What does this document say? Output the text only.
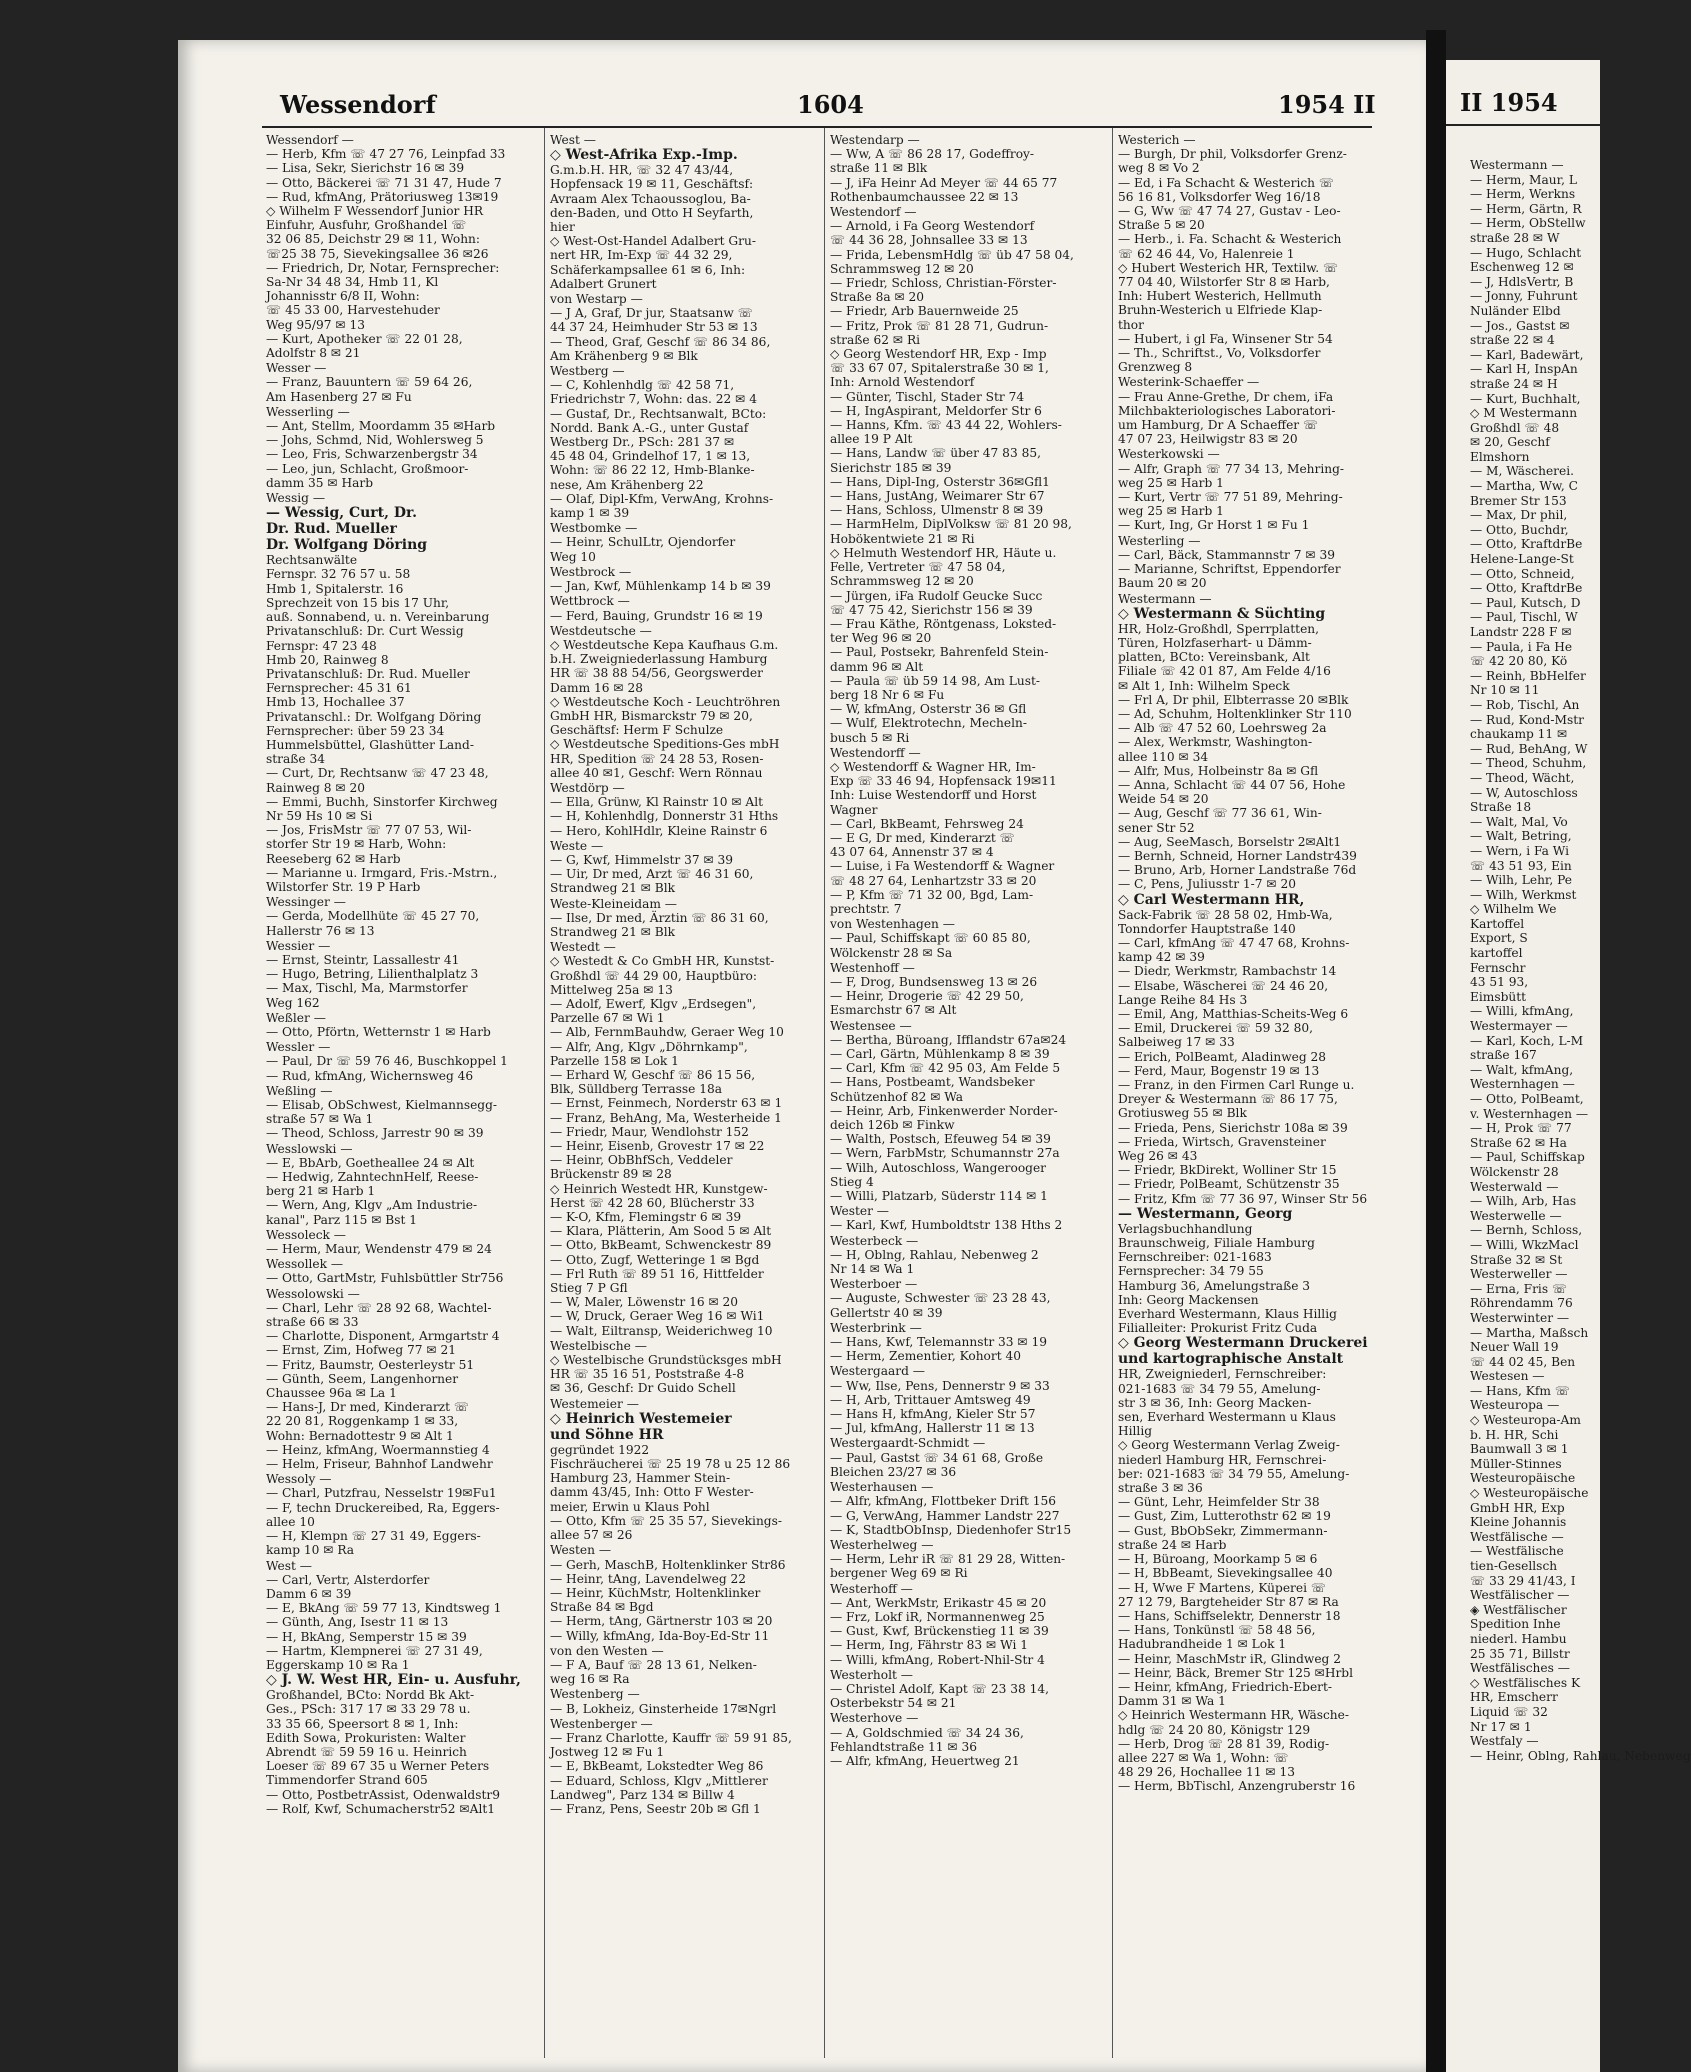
Wessendorf	1604	1954 II
Wessendorf —
— Herb, Kfm ☏ 47 27 76, Leinpfad 33
— Lisa, Sekr, Sierichstr 16 ✉ 39
— Otto, Bäckerei ☏ 71 31 47, Hude 7
— Rud, kfmAng, Prätoriusweg 13✉19
◇ Wilhelm F Wessendorf Junior HR
Einfuhr, Ausfuhr, Großhandel ☏
32 06 85, Deichstr 29 ✉ 11, Wohn:
☏25 38 75, Sievekingsallee 36 ✉26
— Friedrich, Dr, Notar, Fernsprecher:
Sa-Nr 34 48 34, Hmb 11, Kl
Johannisstr 6/8 II, Wohn:
☏ 45 33 00, Harvestehuder
Weg 95/97 ✉ 13
— Kurt, Apotheker ☏ 22 01 28,
Adolfstr 8 ✉ 21
Wesser —
— Franz, Bauuntern ☏ 59 64 26,
Am Hasenberg 27 ✉ Fu
Wesserling —
— Ant, Stellm, Moordamm 35 ✉Harb
— Johs, Schmd, Nid, Wohlersweg 5
— Leo, Fris, Schwarzenbergstr 34
— Leo, jun, Schlacht, Großmoor-
damm 35 ✉ Harb
Wessig —
— Wessig, Curt, Dr.
Dr. Rud. Mueller
Dr. Wolfgang Döring
Rechtsanwälte
Fernspr. 32 76 57 u. 58
Hmb 1, Spitalerstr. 16
Sprechzeit von 15 bis 17 Uhr,
auß. Sonnabend, u. n. Vereinbarung
Privatanschluß: Dr. Curt Wessig
Fernspr: 47 23 48
Hmb 20, Rainweg 8
Privatanschluß: Dr. Rud. Mueller
Fernsprecher: 45 31 61
Hmb 13, Hochallee 37
Privatanschl.: Dr. Wolfgang Döring
Fernsprecher: über 59 23 34
Hummelsbüttel, Glashütter Land-
straße 34
— Curt, Dr, Rechtsanw ☏ 47 23 48,
Rainweg 8 ✉ 20
— Emmi, Buchh, Sinstorfer Kirchweg
Nr 59 Hs 10 ✉ Si
— Jos, FrisMstr ☏ 77 07 53, Wil-
storfer Str 19 ✉ Harb, Wohn:
Reeseberg 62 ✉ Harb
— Marianne u. Irmgard, Fris.-Mstrn.,
Wilstorfer Str. 19 P Harb
Wessinger —
— Gerda, Modellhüte ☏ 45 27 70,
Hallerstr 76 ✉ 13
Wessier —
— Ernst, Steintr, Lassallestr 41
— Hugo, Betring, Lilienthalplatz 3
— Max, Tischl, Ma, Marmstorfer
Weg 162
Weßler —
— Otto, Pförtn, Wetternstr 1 ✉ Harb
Wessler —
— Paul, Dr ☏ 59 76 46, Buschkoppel 1
— Rud, kfmAng, Wichernsweg 46
Weßling —
— Elisab, ObSchwest, Kielmannsegg-
straße 57 ✉ Wa 1
— Theod, Schloss, Jarrestr 90 ✉ 39
Wesslowski —
— E, BbArb, Goetheallee 24 ✉ Alt
— Hedwig, ZahntechnHelf, Reese-
berg 21 ✉ Harb 1
— Wern, Ang, Klgv „Am Industrie-
kanal", Parz 115 ✉ Bst 1
Wessoleck —
— Herm, Maur, Wendenstr 479 ✉ 24
Wessollek —
— Otto, GartMstr, Fuhlsbüttler Str756
Wessolowski —
— Charl, Lehr ☏ 28 92 68, Wachtel-
straße 66 ✉ 33
— Charlotte, Disponent, Armgartstr 4
— Ernst, Zim, Hofweg 77 ✉ 21
— Fritz, Baumstr, Oesterleystr 51
— Günth, Seem, Langenhorner
Chaussee 96a ✉ La 1
— Hans-J, Dr med, Kinderarzt ☏
22 20 81, Roggenkamp 1 ✉ 33,
Wohn: Bernadottestr 9 ✉ Alt 1
— Heinz, kfmAng, Woermannstieg 4
— Helm, Friseur, Bahnhof Landwehr
Wessoly —
— Charl, Putzfrau, Nesselstr 19✉Fu1
— F, techn Druckereibed, Ra, Eggers-
allee 10
— H, Klempn ☏ 27 31 49, Eggers-
kamp 10 ✉ Ra
West —
— Carl, Vertr, Alsterdorfer
Damm 6 ✉ 39
— E, BkAng ☏ 59 77 13, Kindtsweg 1
— Günth, Ang, Isestr 11 ✉ 13
— H, BkAng, Semperstr 15 ✉ 39
— Hartm, Klempnerei ☏ 27 31 49,
Eggerskamp 10 ✉ Ra 1
◇ J. W. West HR, Ein- u. Ausfuhr,
Großhandel, BCto: Nordd Bk Akt-
Ges., PSch: 317 17 ✉ 33 29 78 u.
33 35 66, Speersort 8 ✉ 1, Inh:
Edith Sowa, Prokuristen: Walter
Abrendt ☏ 59 59 16 u. Heinrich
Loeser ☏ 89 67 35 u Werner Peters
Timmendorfer Strand 605
— Otto, PostbetrAssist, Odenwaldstr9
— Rolf, Kwf, Schumacherstr52 ✉Alt1
West —
◇ West-Afrika Exp.-Imp.
G.m.b.H. HR, ☏ 32 47 43/44,
Hopfensack 19 ✉ 11, Geschäftsf:
Avraam Alex Tchaoussoglou, Ba-
den-Baden, und Otto H Seyfarth,
hier
◇ West-Ost-Handel Adalbert Gru-
nert HR, Im-Exp ☏ 44 32 29,
Schäferkampsallee 61 ✉ 6, Inh:
Adalbert Grunert
von Westarp —
— J A, Graf, Dr jur, Staatsanw ☏
44 37 24, Heimhuder Str 53 ✉ 13
— Theod, Graf, Geschf ☏ 86 34 86,
Am Krähenberg 9 ✉ Blk
Westberg —
— C, Kohlenhdlg ☏ 42 58 71,
Friedrichstr 7, Wohn: das. 22 ✉ 4
— Gustaf, Dr., Rechtsanwalt, BCto:
Nordd. Bank A.-G., unter Gustaf
Westberg Dr., PSch: 281 37 ✉
45 48 04, Grindelhof 17, 1 ✉ 13,
Wohn: ☏ 86 22 12, Hmb-Blanke-
nese, Am Krähenberg 22
— Olaf, Dipl-Kfm, VerwAng, Krohns-
kamp 1 ✉ 39
Westbomke —
— Heinr, SchulLtr, Ojendorfer
Weg 10
Westbrock —
— Jan, Kwf, Mühlenkamp 14 b ✉ 39
Wettbrock —
— Ferd, Bauing, Grundstr 16 ✉ 19
Westdeutsche —
◇ Westdeutsche Kepa Kaufhaus G.m.
b.H. Zweigniederlassung Hamburg
HR ☏ 38 88 54/56, Georgswerder
Damm 16 ✉ 28
◇ Westdeutsche Koch - Leuchtröhren
GmbH HR, Bismarckstr 79 ✉ 20,
Geschäftsf: Herm F Schulze
◇ Westdeutsche Speditions-Ges mbH
HR, Spedition ☏ 24 28 53, Rosen-
allee 40 ✉1, Geschf: Wern Rönnau
Westdörp —
— Ella, Grünw, Kl Rainstr 10 ✉ Alt
— H, Kohlenhdlg, Donnerstr 31 Hths
— Hero, KohlHdlr, Kleine Rainstr 6
Weste —
— G, Kwf, Himmelstr 37 ✉ 39
— Uir, Dr med, Arzt ☏ 46 31 60,
Strandweg 21 ✉ Blk
Weste-Kleineidam —
— Ilse, Dr med, Ärztin ☏ 86 31 60,
Strandweg 21 ✉ Blk
Westedt —
◇ Westedt & Co GmbH HR, Kunstst-
Großhdl ☏ 44 29 00, Hauptbüro:
Mittelweg 25a ✉ 13
— Adolf, Ewerf, Klgv „Erdsegen",
Parzelle 67 ✉ Wi 1
— Alb, FernmBauhdw, Geraer Weg 10
— Alfr, Ang, Klgv „Döhrnkamp",
Parzelle 158 ✉ Lok 1
— Erhard W, Geschf ☏ 86 15 56,
Blk, Sülldberg Terrasse 18a
— Ernst, Feinmech, Norderstr 63 ✉ 1
— Franz, BehAng, Ma, Westerheide 1
— Friedr, Maur, Wendlohstr 152
— Heinr, Eisenb, Grovestr 17 ✉ 22
— Heinr, ObBhfSch, Veddeler
Brückenstr 89 ✉ 28
◇ Heinrich Westedt HR, Kunstgew-
Herst ☏ 42 28 60, Blücherstr 33
— K-O, Kfm, Flemingstr 6 ✉ 39
— Klara, Plätterin, Am Sood 5 ✉ Alt
— Otto, BkBeamt, Schwenckestr 89
— Otto, Zugf, Wetteringe 1 ✉ Bgd
— Frl Ruth ☏ 89 51 16, Hittfelder
Stieg 7 P Gfl
— W, Maler, Löwenstr 16 ✉ 20
— W, Druck, Geraer Weg 16 ✉ Wi1
— Walt, Eiltransp, Weiderichweg 10
Westelbische —
◇ Westelbische Grundstücksges mbH
HR ☏ 35 16 51, Poststraße 4-8
✉ 36, Geschf: Dr Guido Schell
Westemeier —
◇ Heinrich Westemeier
und Söhne HR
gegründet 1922
Fischräucherei ☏ 25 19 78 u 25 12 86
Hamburg 23, Hammer Stein-
damm 43/45, Inh: Otto F Wester-
meier, Erwin u Klaus Pohl
— Otto, Kfm ☏ 25 35 57, Sievekings-
allee 57 ✉ 26
Westen —
— Gerh, MaschB, Holtenklinker Str86
— Heinr, tAng, Lavendelweg 22
— Heinr, KüchMstr, Holtenklinker
Straße 84 ✉ Bgd
— Herm, tAng, Gärtnerstr 103 ✉ 20
— Willy, kfmAng, Ida-Boy-Ed-Str 11
von den Westen —
— F A, Bauf ☏ 28 13 61, Nelken-
weg 16 ✉ Ra
Westenberg —
— B, Lokheiz, Ginsterheide 17✉Ngrl
Westenberger —
— Franz Charlotte, Kauffr ☏ 59 91 85,
Jostweg 12 ✉ Fu 1
— E, BkBeamt, Lokstedter Weg 86
— Eduard, Schloss, Klgv „Mittlerer
Landweg", Parz 134 ✉ Billw 4
— Franz, Pens, Seestr 20b ✉ Gfl 1
Westendarp —
— Ww, A ☏ 86 28 17, Godeffroy-
straße 11 ✉ Blk
— J, iFa Heinr Ad Meyer ☏ 44 65 77
Rothenbaumchaussee 22 ✉ 13
Westendorf —
— Arnold, i Fa Georg Westendorf
☏ 44 36 28, Johnsallee 33 ✉ 13
— Frida, LebensmHdlg ☏ üb 47 58 04,
Schrammsweg 12 ✉ 20
— Friedr, Schloss, Christian-Förster-
Straße 8a ✉ 20
— Friedr, Arb Bauernweide 25
— Fritz, Prok ☏ 81 28 71, Gudrun-
straße 62 ✉ Ri
◇ Georg Westendorf HR, Exp - Imp
☏ 33 67 07, Spitalerstraße 30 ✉ 1,
Inh: Arnold Westendorf
— Günter, Tischl, Stader Str 74
— H, IngAspirant, Meldorfer Str 6
— Hanns, Kfm. ☏ 43 44 22, Wohlers-
allee 19 P Alt
— Hans, Landw ☏ über 47 83 85,
Sierichstr 185 ✉ 39
— Hans, Dipl-Ing, Osterstr 36✉Gfl1
— Hans, JustAng, Weimarer Str 67
— Hans, Schloss, Ulmenstr 8 ✉ 39
— HarmHelm, DiplVolksw ☏ 81 20 98,
Hobökentwiete 21 ✉ Ri
◇ Helmuth Westendorf HR, Häute u.
Felle, Vertreter ☏ 47 58 04,
Schrammsweg 12 ✉ 20
— Jürgen, iFa Rudolf Geucke Succ
☏ 47 75 42, Sierichstr 156 ✉ 39
— Frau Käthe, Röntgenass, Loksted-
ter Weg 96 ✉ 20
— Paul, Postsekr, Bahrenfeld Stein-
damm 96 ✉ Alt
— Paula ☏ üb 59 14 98, Am Lust-
berg 18 Nr 6 ✉ Fu
— W, kfmAng, Osterstr 36 ✉ Gfl
— Wulf, Elektrotechn, Mecheln-
busch 5 ✉ Ri
Westendorff —
◇ Westendorff & Wagner HR, Im-
Exp ☏ 33 46 94, Hopfensack 19✉11
Inh: Luise Westendorff und Horst
Wagner
— Carl, BkBeamt, Fehrsweg 24
— E G, Dr med, Kinderarzt ☏
43 07 64, Annenstr 37 ✉ 4
— Luise, i Fa Westendorff & Wagner
☏ 48 27 64, Lenhartzstr 33 ✉ 20
— P, Kfm ☏ 71 32 00, Bgd, Lam-
prechtstr. 7
von Westenhagen —
— Paul, Schiffskapt ☏ 60 85 80,
Wölckenstr 28 ✉ Sa
Westenhoff —
— F, Drog, Bundsensweg 13 ✉ 26
— Heinr, Drogerie ☏ 42 29 50,
Esmarchstr 67 ✉ Alt
Westensee —
— Bertha, Büroang, Ifflandstr 67a✉24
— Carl, Gärtn, Mühlenkamp 8 ✉ 39
— Carl, Kfm ☏ 42 95 03, Am Felde 5
— Hans, Postbeamt, Wandsbeker
Schützenhof 82 ✉ Wa
— Heinr, Arb, Finkenwerder Norder-
deich 126b ✉ Finkw
— Walth, Postsch, Efeuweg 54 ✉ 39
— Wern, FarbMstr, Schumannstr 27a
— Wilh, Autoschloss, Wangerooger
Stieg 4
— Willi, Platzarb, Süderstr 114 ✉ 1
Wester —
— Karl, Kwf, Humboldtstr 138 Hths 2
Westerbeck —
— H, Oblng, Rahlau, Nebenweg 2
Nr 14 ✉ Wa 1
Westerboer —
— Auguste, Schwester ☏ 23 28 43,
Gellertstr 40 ✉ 39
Westerbrink —
— Hans, Kwf, Telemannstr 33 ✉ 19
— Herm, Zementier, Kohort 40
Westergaard —
— Ww, Ilse, Pens, Dennerstr 9 ✉ 33
— H, Arb, Trittauer Amtsweg 49
— Hans H, kfmAng, Kieler Str 57
— Jul, kfmAng, Hallerstr 11 ✉ 13
Westergaardt-Schmidt —
— Paul, Gastst ☏ 34 61 68, Große
Bleichen 23/27 ✉ 36
Westerhausen —
— Alfr, kfmAng, Flottbeker Drift 156
— G, VerwAng, Hammer Landstr 227
— K, StadtbObInsp, Diedenhofer Str15
Westerhelweg —
— Herm, Lehr iR ☏ 81 29 28, Witten-
bergener Weg 69 ✉ Ri
Westerhoff —
— Ant, WerkMstr, Erikastr 45 ✉ 20
— Frz, Lokf iR, Normannenweg 25
— Gust, Kwf, Brückenstieg 11 ✉ 39
— Herm, Ing, Fährstr 83 ✉ Wi 1
— Willi, kfmAng, Robert-Nhil-Str 4
Westerholt —
— Christel Adolf, Kapt ☏ 23 38 14,
Osterbekstr 54 ✉ 21
Westerhove —
— A, Goldschmied ☏ 34 24 36,
Fehlandtstraße 11 ✉ 36
— Alfr, kfmAng, Heuertweg 21
Westerich —
— Burgh, Dr phil, Volksdorfer Grenz-
weg 8 ✉ Vo 2
— Ed, i Fa Schacht & Westerich ☏
56 16 81, Volksdorfer Weg 16/18
— G, Ww ☏ 47 74 27, Gustav - Leo-
Straße 5 ✉ 20
— Herb., i. Fa. Schacht & Westerich
☏ 62 46 44, Vo, Halenreie 1
◇ Hubert Westerich HR, Textilw. ☏
77 04 40, Wilstorfer Str 8 ✉ Harb,
Inh: Hubert Westerich, Hellmuth
Bruhn-Westerich u Elfriede Klap-
thor
— Hubert, i gl Fa, Winsener Str 54
— Th., Schriftst., Vo, Volksdorfer
Grenzweg 8
Westerink-Schaeffer —
— Frau Anne-Grethe, Dr chem, iFa
Milchbakteriologisches Laboratori-
um Hamburg, Dr A Schaeffer ☏
47 07 23, Heilwigstr 83 ✉ 20
Westerkowski —
— Alfr, Graph ☏ 77 34 13, Mehring-
weg 25 ✉ Harb 1
— Kurt, Vertr ☏ 77 51 89, Mehring-
weg 25 ✉ Harb 1
— Kurt, Ing, Gr Horst 1 ✉ Fu 1
Westerling —
— Carl, Bäck, Stammannstr 7 ✉ 39
— Marianne, Schriftst, Eppendorfer
Baum 20 ✉ 20
Westermann —
◇ Westermann & Süchting
HR, Holz-Großhdl, Sperrplatten,
Türen, Holzfaserhart- u Dämm-
platten, BCto: Vereinsbank, Alt
Filiale ☏ 42 01 87, Am Felde 4/16
✉ Alt 1, Inh: Wilhelm Speck
— Frl A, Dr phil, Elbterrasse 20 ✉Blk
— Ad, Schuhm, Holtenklinker Str 110
— Alb ☏ 47 52 60, Loehrsweg 2a
— Alex, Werkmstr, Washington-
allee 110 ✉ 34
— Alfr, Mus, Holbeinstr 8a ✉ Gfl
— Anna, Schlacht ☏ 44 07 56, Hohe
Weide 54 ✉ 20
— Aug, Geschf ☏ 77 36 61, Win-
sener Str 52
— Aug, SeeMasch, Borselstr 2✉Alt1
— Bernh, Schneid, Horner Landstr439
— Bruno, Arb, Horner Landstraße 76d
— C, Pens, Juliusstr 1-7 ✉ 20
◇ Carl Westermann HR,
Sack-Fabrik ☏ 28 58 02, Hmb-Wa,
Tonndorfer Hauptstraße 140
— Carl, kfmAng ☏ 47 47 68, Krohns-
kamp 42 ✉ 39
— Diedr, Werkmstr, Rambachstr 14
— Elsabe, Wäscherei ☏ 24 46 20,
Lange Reihe 84 Hs 3
— Emil, Ang, Matthias-Scheits-Weg 6
— Emil, Druckerei ☏ 59 32 80,
Salbeiweg 17 ✉ 33
— Erich, PolBeamt, Aladinweg 28
— Ferd, Maur, Bogenstr 19 ✉ 13
— Franz, in den Firmen Carl Runge u.
Dreyer & Westermann ☏ 86 17 75,
Grotiusweg 55 ✉ Blk
— Frieda, Pens, Sierichstr 108a ✉ 39
— Frieda, Wirtsch, Gravensteiner
Weg 26 ✉ 43
— Friedr, BkDirekt, Wolliner Str 15
— Friedr, PolBeamt, Schützenstr 35
— Fritz, Kfm ☏ 77 36 97, Winser Str 56
— Westermann, Georg
Verlagsbuchhandlung
Braunschweig, Filiale Hamburg
Fernschreiber: 021-1683
Fernsprecher: 34 79 55
Hamburg 36, Amelungstraße 3
Inh: Georg Mackensen
Everhard Westermann, Klaus Hillig
Filialleiter: Prokurist Fritz Cuda
◇ Georg Westermann Druckerei
und kartographische Anstalt
HR, Zweigniederl, Fernschreiber:
021-1683 ☏ 34 79 55, Amelung-
str 3 ✉ 36, Inh: Georg Macken-
sen, Everhard Westermann u Klaus
Hillig
◇ Georg Westermann Verlag Zweig-
niederl Hamburg HR, Fernschrei-
ber: 021-1683 ☏ 34 79 55, Amelung-
straße 3 ✉ 36
— Günt, Lehr, Heimfelder Str 38
— Gust, Zim, Lutterothstr 62 ✉ 19
— Gust, BbObSekr, Zimmermann-
straße 24 ✉ Harb
— H, Büroang, Moorkamp 5 ✉ 6
— H, BbBeamt, Sievekingsallee 40
— H, Wwe F Martens, Küperei ☏
27 12 79, Bargteheider Str 87 ✉ Ra
— Hans, Schiffselektr, Dennerstr 18
— Hans, Tonkünstl ☏ 58 48 56,
Hadubrandheide 1 ✉ Lok 1
— Heinr, MaschMstr iR, Glindweg 2
— Heinr, Bäck, Bremer Str 125 ✉Hrbl
— Heinr, kfmAng, Friedrich-Ebert-
Damm 31 ✉ Wa 1
◇ Heinrich Westermann HR, Wäsche-
hdlg ☏ 24 20 80, Königstr 129
— Herb, Drog ☏ 28 81 39, Rodig-
allee 227 ✉ Wa 1, Wohn: ☏
48 29 26, Hochallee 11 ✉ 13
— Herm, BbTischl, Anzengruberstr 16
II 1954
Westermann —
— Herm, Maur, L
— Herm, Werkns
— Herm, Gärtn, R
— Herm, ObStellw
straße 28 ✉ W
— Hugo, Schlacht
Eschenweg 12 ✉
— J, HdlsVertr, B
— Jonny, Fuhrunt
Nuländer Elbd
— Jos., Gastst ✉
straße 22 ✉ 4
— Karl, Badewärt,
— Karl H, InspAn
straße 24 ✉ H
— Kurt, Buchhalt,
◇ M Westermann
Großhdl ☏ 48
✉ 20, Geschf
Elmshorn
— M, Wäscherei.
— Martha, Ww, C
Bremer Str 153
— Max, Dr phil,
— Otto, Buchdr,
— Otto, KraftdrBe
Helene-Lange-St
— Otto, Schneid,
— Otto, KraftdrBe
— Paul, Kutsch, D
— Paul, Tischl, W
Landstr 228 F ✉
— Paula, i Fa He
☏ 42 20 80, Kö
— Reinh, BbHelfer
Nr 10 ✉ 11
— Rob, Tischl, An
— Rud, Kond-Mstr
chaukamp 11 ✉
— Rud, BehAng, W
— Theod, Schuhm,
— Theod, Wächt,
— W, Autoschloss
Straße 18
— Walt, Mal, Vo
— Walt, Betring,
— Wern, i Fa Wi
☏ 43 51 93, Ein
— Wilh, Lehr, Pe
— Wilh, Werkmst
◇ Wilhelm We
Kartoffel
Export, S
kartoffel
Fernschr
43 51 93,
Eimsbütt
— Willi, kfmAng,
Westermayer —
— Karl, Koch, L-M
straße 167
— Walt, kfmAng,
Westernhagen —
— Otto, PolBeamt,
v. Westernhagen —
— H, Prok ☏ 77
Straße 62 ✉ Ha
— Paul, Schiffskap
Wölckenstr 28
Westerwald —
— Wilh, Arb, Has
Westerwelle —
— Bernh, Schloss,
— Willi, WkzMacl
Straße 32 ✉ St
Westerweller —
— Erna, Fris ☏
Röhrendamm 76
Westerwinter —
— Martha, Maßsch
Neuer Wall 19
☏ 44 02 45, Ben
Westesen —
— Hans, Kfm ☏
Westeuropa —
◇ Westeuropa-Am
b. H. HR, Schi
Baumwall 3 ✉ 1
Müller-Stinnes
Westeuropäische
◇ Westeuropäische
GmbH HR, Exp
Kleine Johannis
Westfälische —
— Westfälische
tien-Gesellsch
☏ 33 29 41/43, I
Westfälischer —
◈ Westfälischer
Spedition Inhe
niederl. Hambu
25 35 71, Billstr
Westfälisches —
◇ Westfälisches K
HR, Emscherr
Liquid ☏ 32
Nr 17 ✉ 1
Westfaly —
— Heinr, Oblng, Rahlau, Nebenweg
